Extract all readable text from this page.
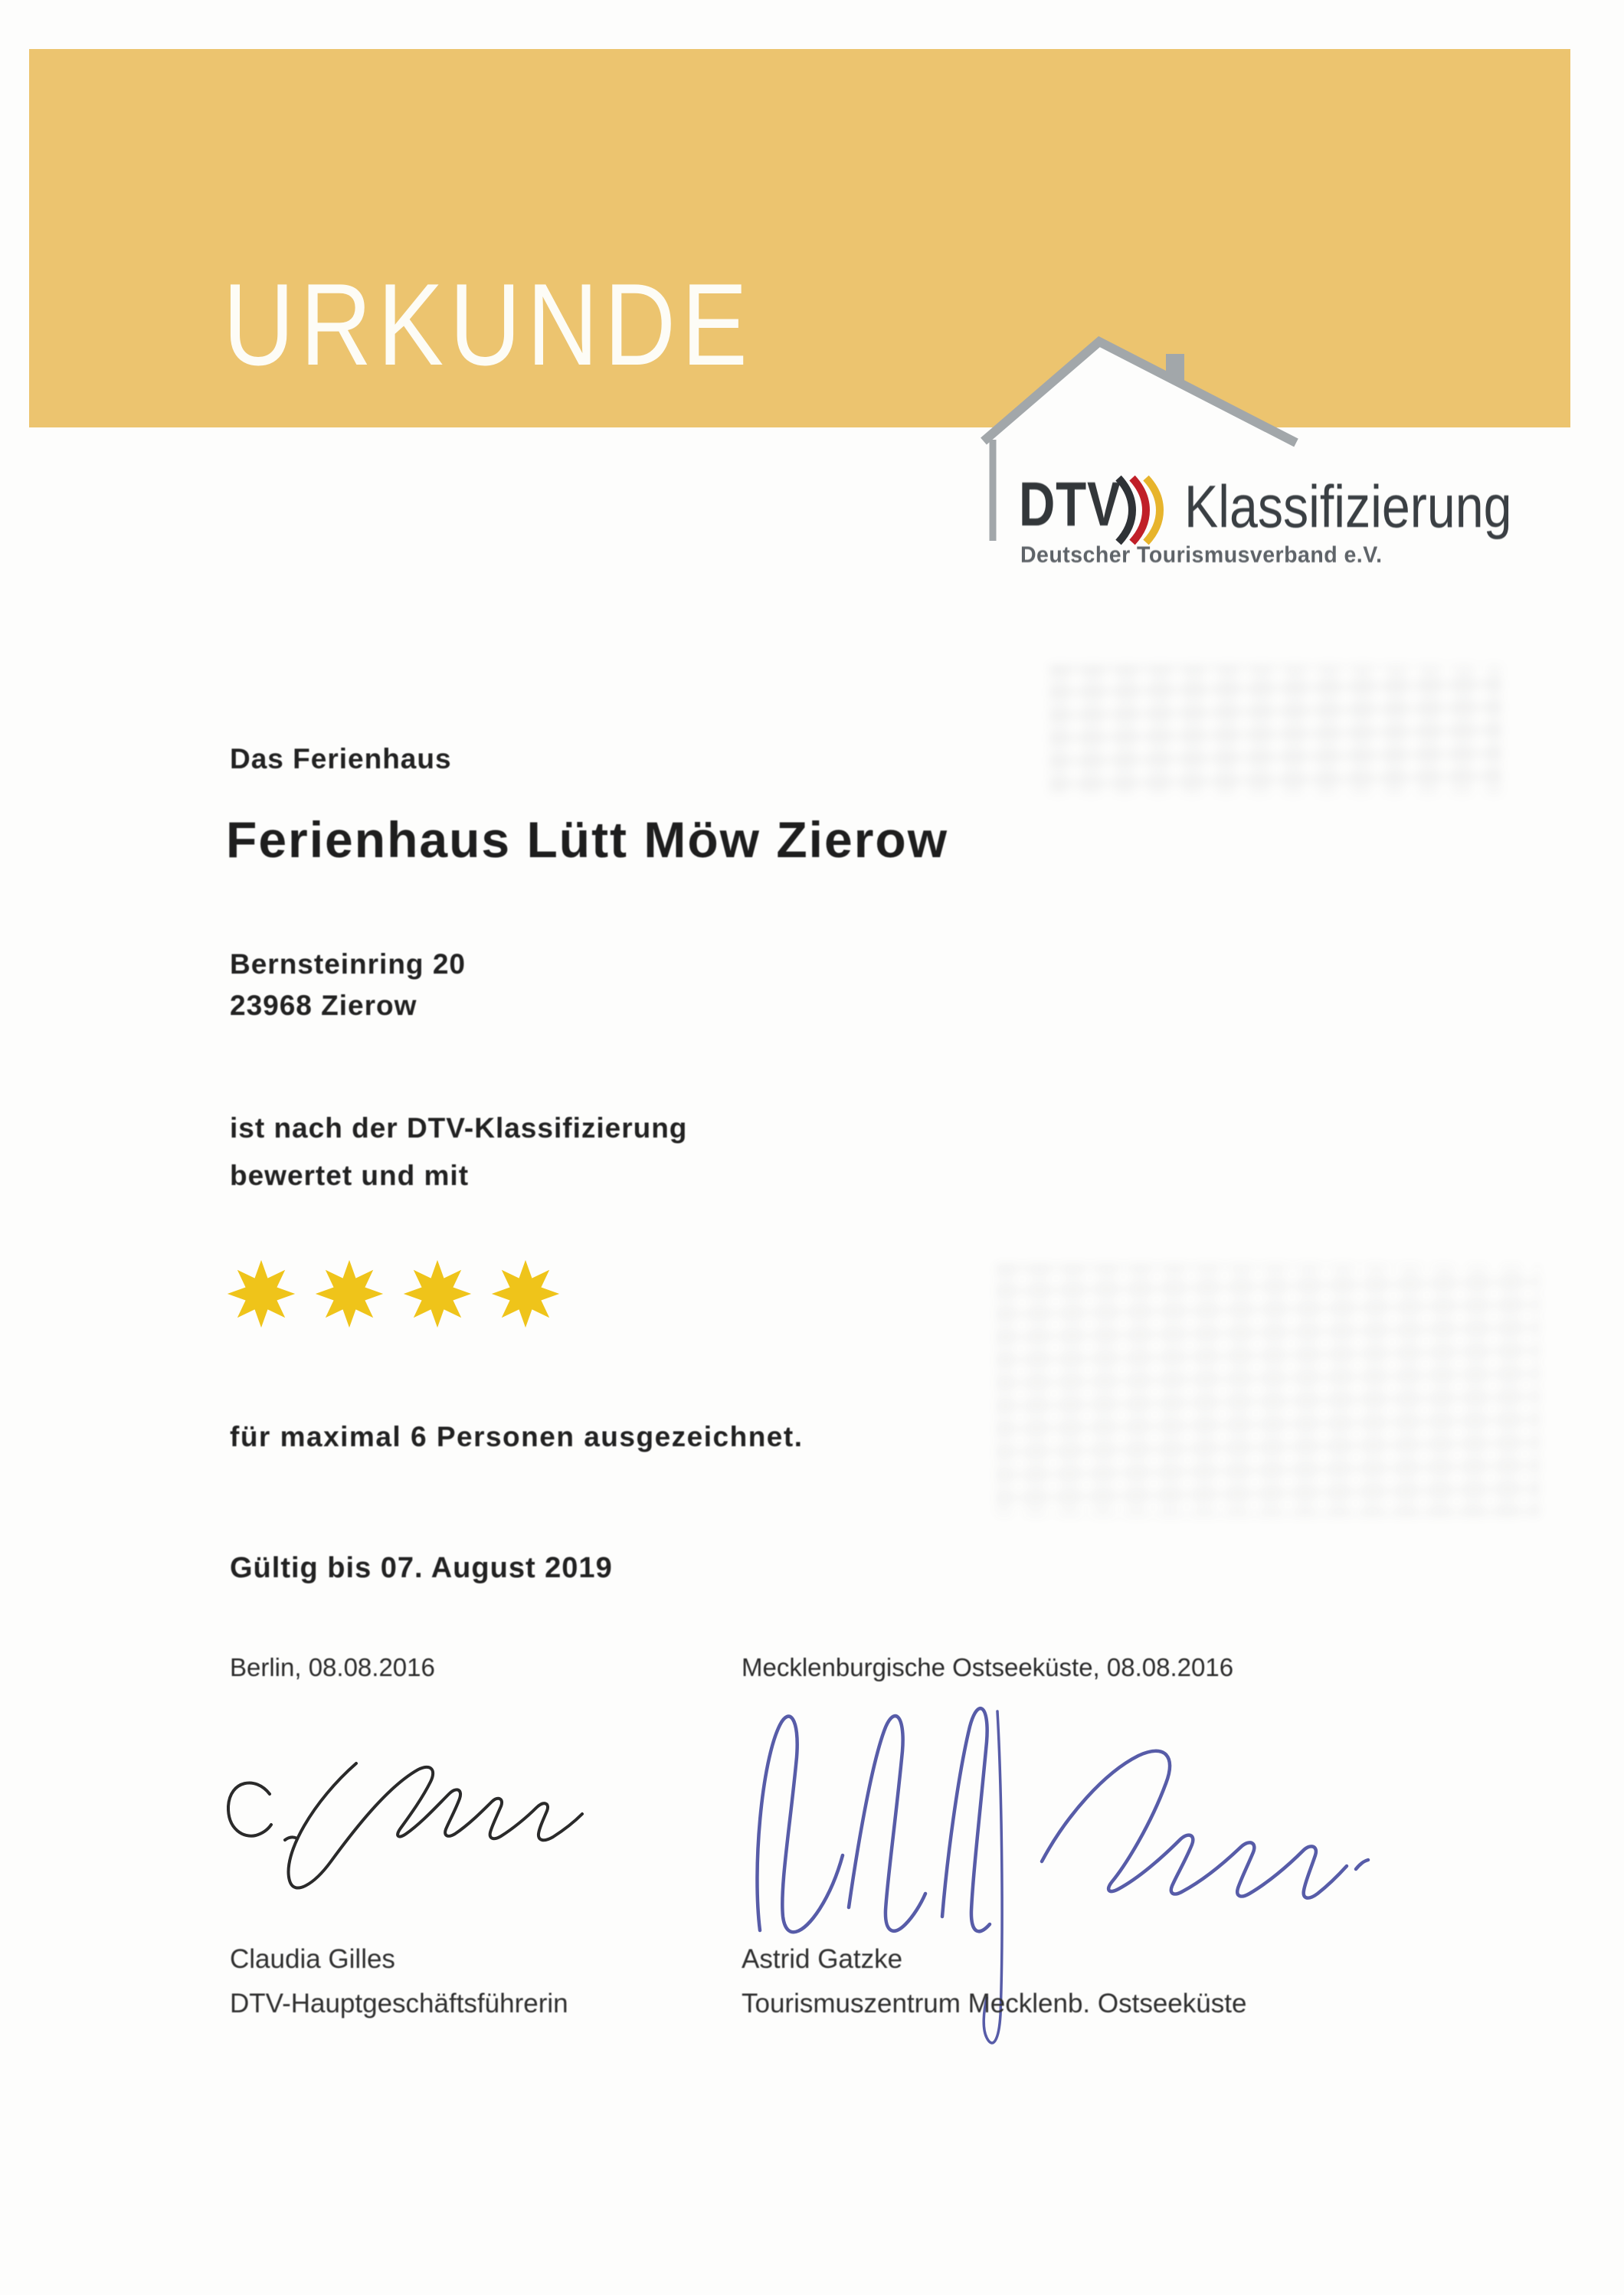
URKUNDE
DTV Klassifizierung
Deutscher Tourismusverband e.V.
Das Ferienhaus
Ferienhaus Lütt Möw Zierow
Bernsteinring 20
23968 Zierow
ist nach der DTV-Klassifizierung
bewertet und mit
für maximal 6 Personen ausgezeichnet.
Gültig bis 07. August 2019
Berlin, 08.08.2016	Mecklenburgische Ostseeküste, 08.08.2016
Claudia Gilles
DTV-Hauptgeschäftsführerin
Astrid Gatzke
Tourismuszentrum Mecklenb. Ostseeküste
